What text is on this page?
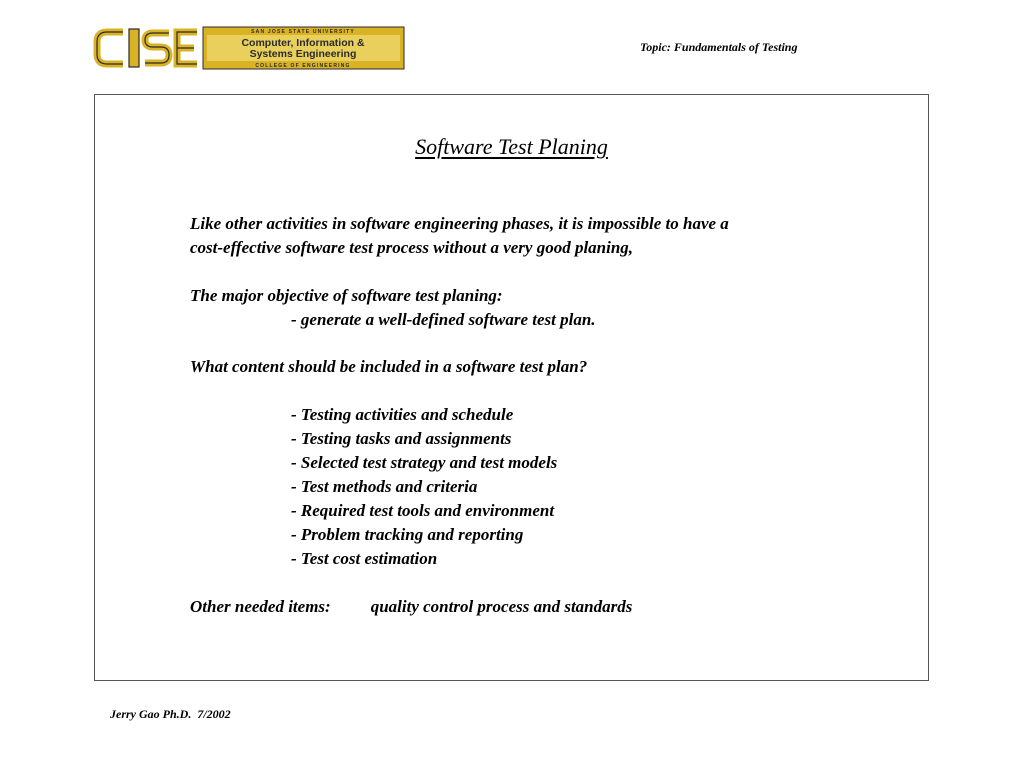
SAN JOSE STATE UNIVERSITY
Computer, Information &
Systems Engineering
COLLEGE OF ENGINEERING
Topic: Fundamentals of Testing
Software Test Planing
Like other activities in software engineering phases, it is impossible to have a
cost-effective software test process without a very good planing,
The major objective of software test planing:
- generate a well-defined software test plan.
What content should be included in a software test plan?
- Testing activities and schedule
- Testing tasks and assignments
- Selected test strategy and test models
- Test methods and criteria
- Required test tools and environment
- Problem tracking and reporting
- Test cost estimation
Other needed items: quality control process and standards
Jerry Gao Ph.D.  7/2002
